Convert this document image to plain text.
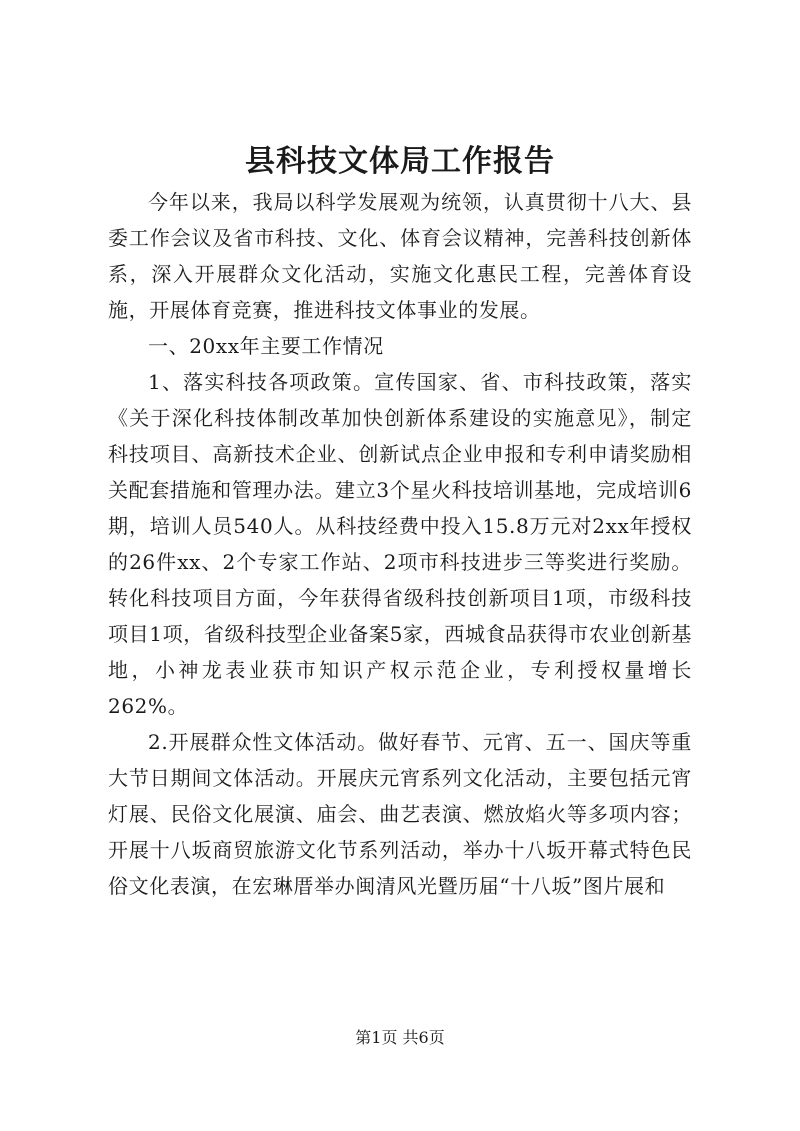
县科技文体局工作报告

今年以来，我局以科学发展观为统领，认真贯彻十八大、县委工作会议及省市科技、文化、体育会议精神，完善科技创新体系，深入开展群众文化活动，实施文化惠民工程，完善体育设施，开展体育竞赛，推进科技文体事业的发展。

一、20xx年主要工作情况

1、落实科技各项政策。宣传国家、省、市科技政策，落实《关于深化科技体制改革加快创新体系建设的实施意见》，制定科技项目、高新技术企业、创新试点企业申报和专利申请奖励相关配套措施和管理办法。建立3个星火科技培训基地，完成培训6期，培训人员540人。从科技经费中投入15.8万元对2xx年授权的26件xx、2个专家工作站、2项市科技进步三等奖进行奖励。转化科技项目方面，今年获得省级科技创新项目1项，市级科技项目1项，省级科技型企业备案5家，西城食品获得市农业创新基地，小神龙表业获市知识产权示范企业，专利授权量增长262%。

2.开展群众性文体活动。做好春节、元宵、五一、国庆等重大节日期间文体活动。开展庆元宵系列文化活动，主要包括元宵灯展、民俗文化展演、庙会、曲艺表演、燃放焰火等多项内容；开展十八坂商贸旅游文化节系列活动，举办十八坂开幕式特色民俗文化表演，在宏琳厝举办闽清风光暨历届“十八坂”图片展和

第1页 共6页
